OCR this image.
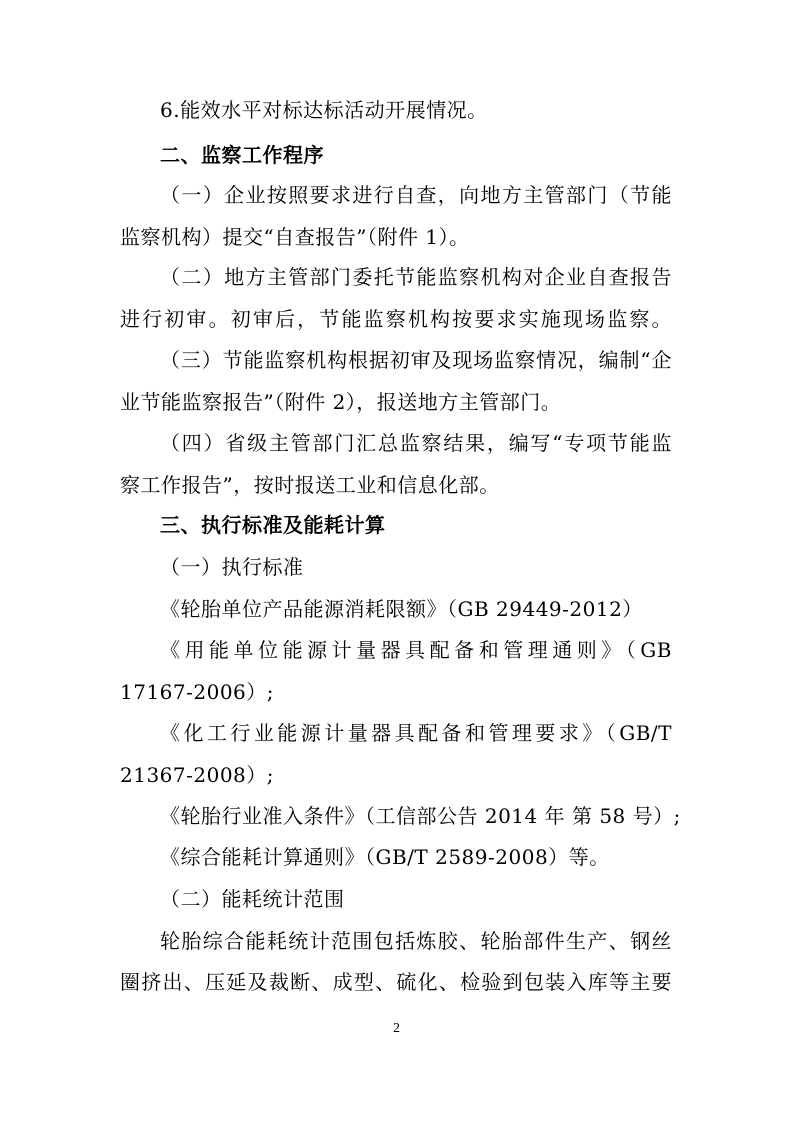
6.能效水平对标达标活动开展情况。
二、监察工作程序
（一）企业按照要求进行自查，向地方主管部门（节能
监察机构）提交“自查报告”（附件 1）。
（二）地方主管部门委托节能监察机构对企业自查报告
进行初审。初审后，节能监察机构按要求实施现场监察。
（三）节能监察机构根据初审及现场监察情况，编制“企
业节能监察报告”（附件 2），报送地方主管部门。
（四）省级主管部门汇总监察结果，编写“专项节能监
察工作报告”，按时报送工业和信息化部。
三、执行标准及能耗计算
（一）执行标准
《轮胎单位产品能源消耗限额》（GB 29449-2012）
《用能单位能源计量器具配备和管理通则》（GB
17167-2006）;
《化工行业能源计量器具配备和管理要求》（GB/T
21367-2008）;
《轮胎行业准入条件》（工信部公告 2014 年 第 58 号）;
《综合能耗计算通则》（GB/T 2589-2008）等。
（二）能耗统计范围
轮胎综合能耗统计范围包括炼胶、轮胎部件生产、钢丝
圈挤出、压延及裁断、成型、硫化、检验到包装入库等主要
2
